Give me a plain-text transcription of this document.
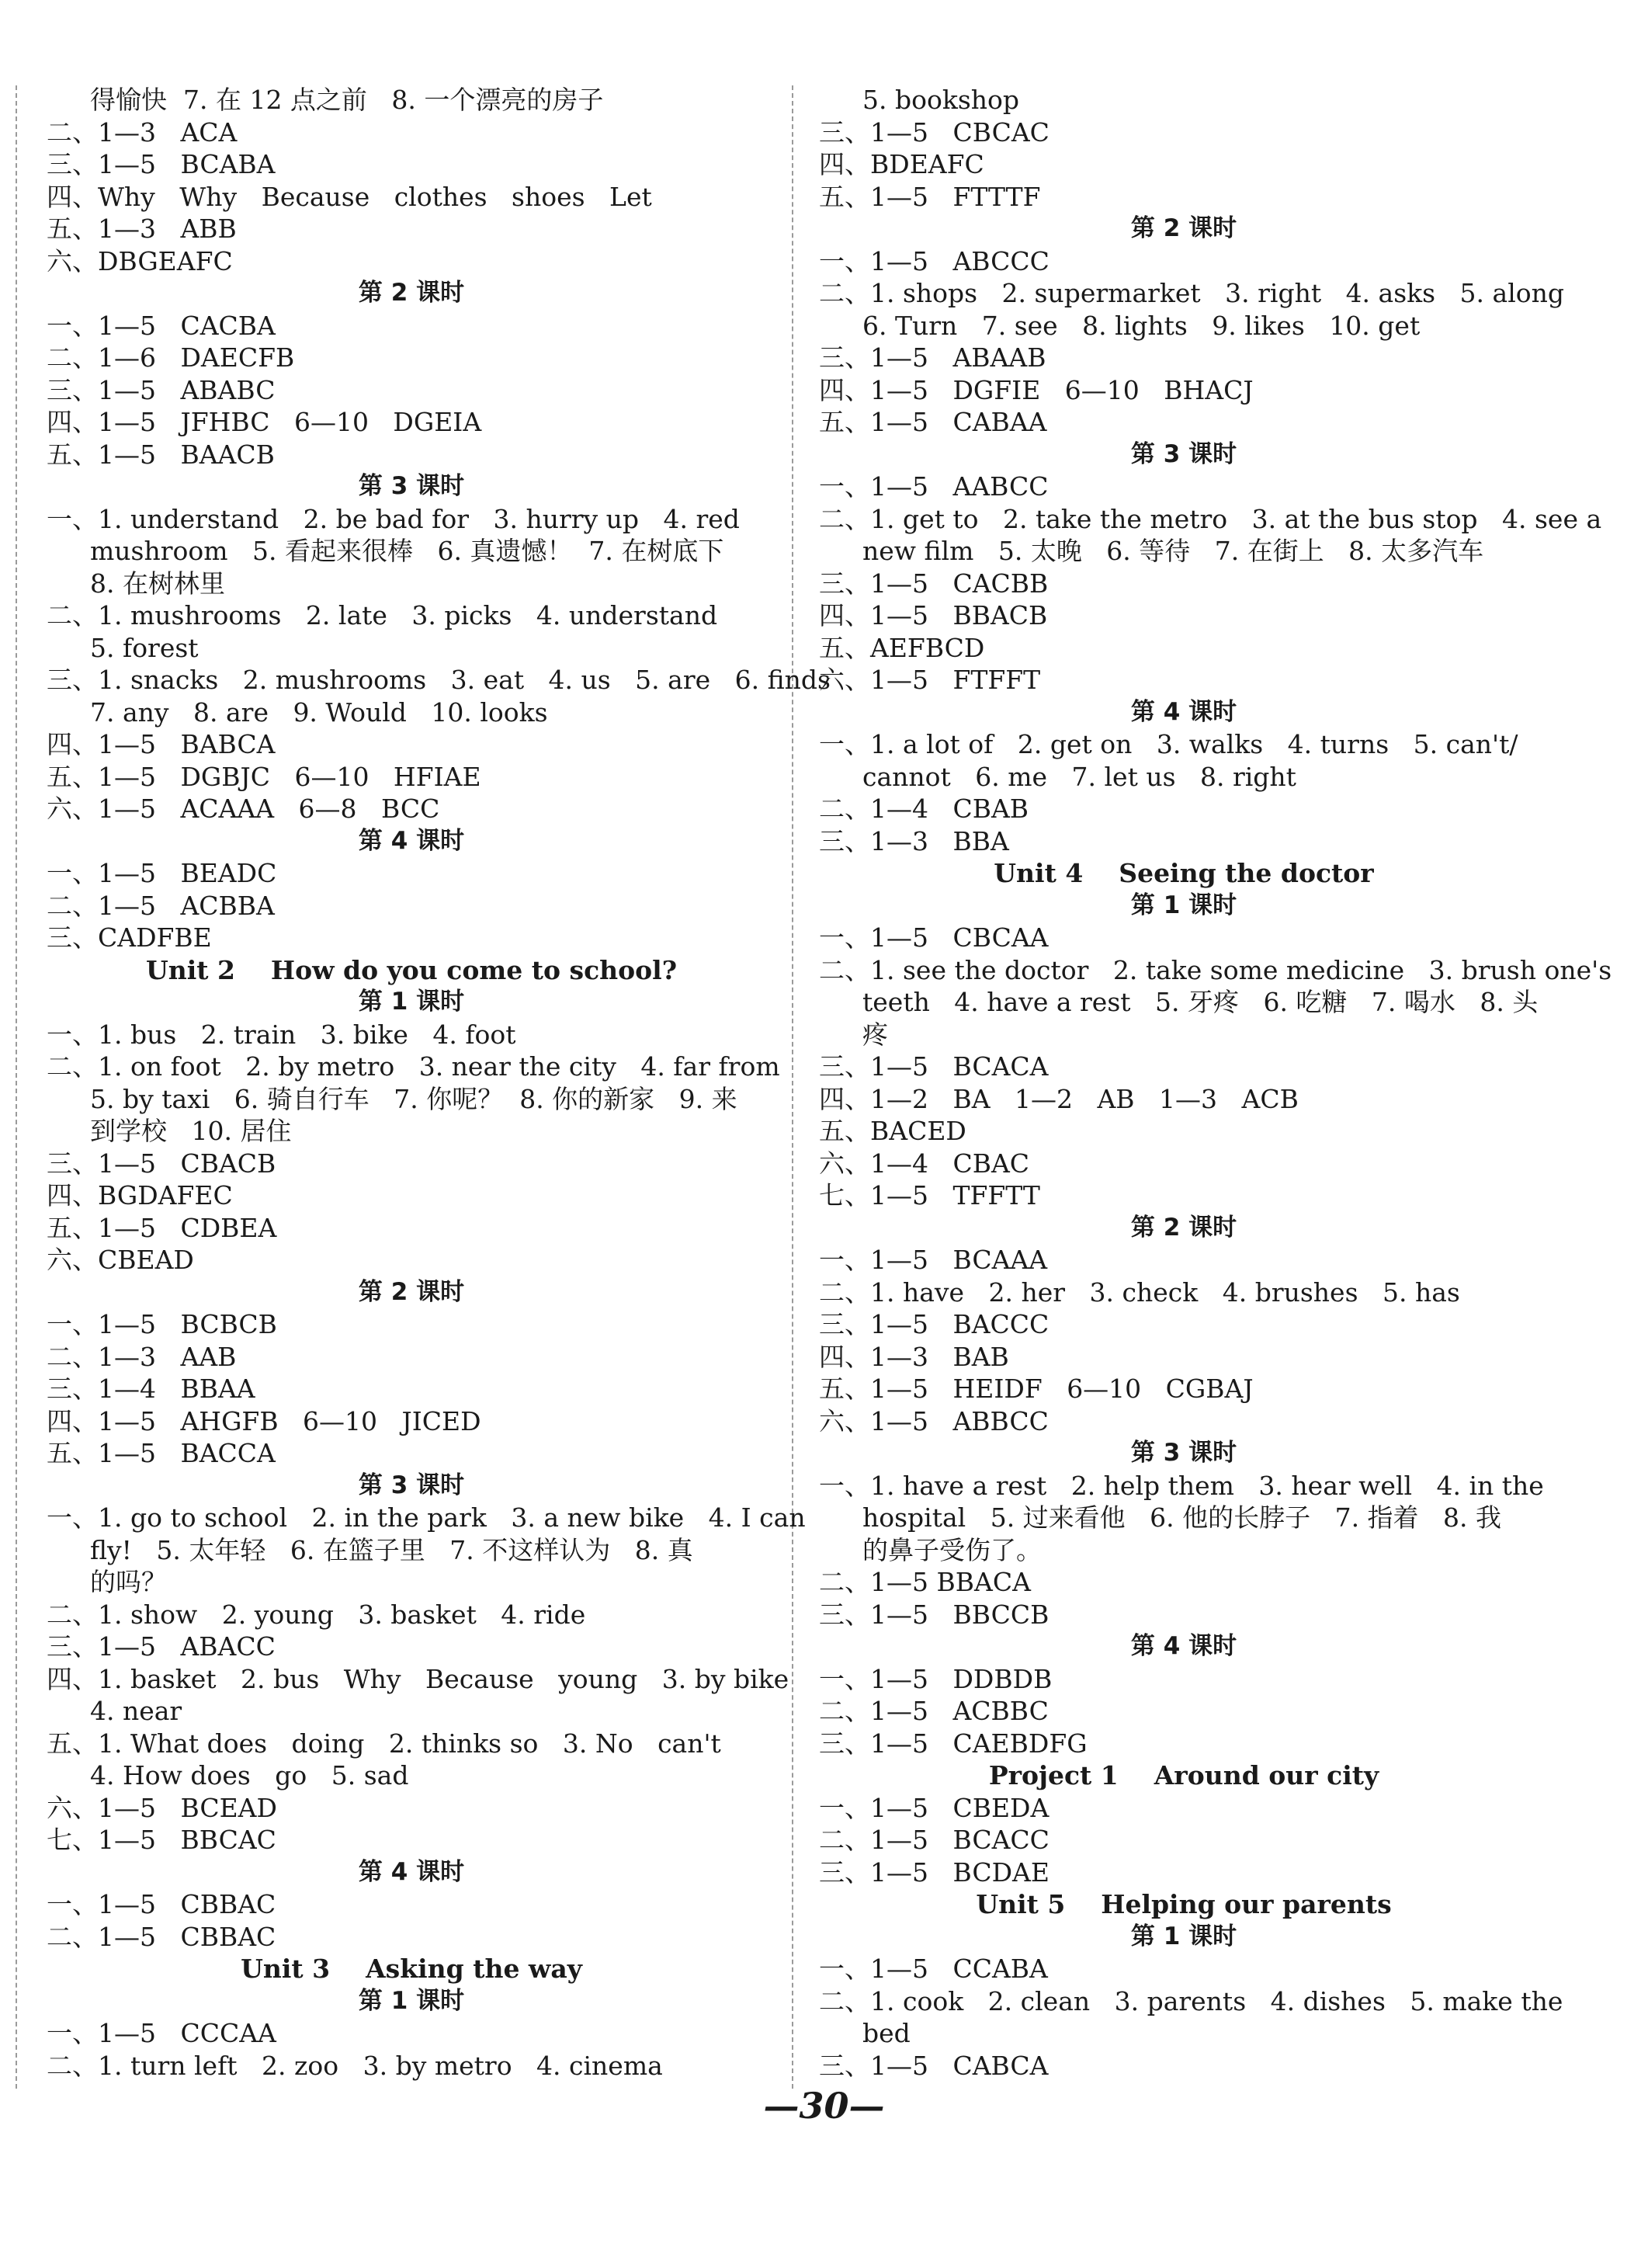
得愉快  7. 在 12 点之前   8. 一个漂亮的房子
二、1—3   ACA
三、1—5   BCABA
四、Why   Why   Because   clothes   shoes   Let
五、1—3   ABB
六、DBGEAFC
第 2 课时
一、1—5   CACBA
二、1—6   DAECFB
三、1—5   ABABC
四、1—5   JFHBC   6—10   DGEIA
五、1—5   BAACB
第 3 课时
一、1. understand   2. be bad for   3. hurry up   4. red
mushroom   5. 看起来很棒   6. 真遗憾！  7. 在树底下
8. 在树林里
二、1. mushrooms   2. late   3. picks   4. understand
5. forest
三、1. snacks   2. mushrooms   3. eat   4. us   5. are   6. finds
7. any   8. are   9. Would   10. looks
四、1—5   BABCA
五、1—5   DGBJC   6—10   HFIAE
六、1—5   ACAAA   6—8   BCC
第 4 课时
一、1—5   BEADC
二、1—5   ACBBA
三、CADFBE
Unit 2    How do you come to school?
第 1 课时
一、1. bus   2. train   3. bike   4. foot
二、1. on foot   2. by metro   3. near the city   4. far from
5. by taxi   6. 骑自行车   7. 你呢？  8. 你的新家   9. 来
到学校   10. 居住
三、1—5   CBACB
四、BGDAFEC
五、1—5   CDBEA
六、CBEAD
第 2 课时
一、1—5   BCBCB
二、1—3   AAB
三、1—4   BBAA
四、1—5   AHGFB   6—10   JICED
五、1—5   BACCA
第 3 课时
一、1. go to school   2. in the park   3. a new bike   4. I can
fly!   5. 太年轻   6. 在篮子里   7. 不这样认为   8. 真
的吗？
二、1. show   2. young   3. basket   4. ride
三、1—5   ABACC
四、1. basket   2. bus   Why   Because   young   3. by bike
4. near
五、1. What does   doing   2. thinks so   3. No   can't
4. How does   go   5. sad
六、1—5   BCEAD
七、1—5   BBCAC
第 4 课时
一、1—5   CBBAC
二、1—5   CBBAC
Unit 3    Asking the way
第 1 课时
一、1—5   CCCAA
二、1. turn left   2. zoo   3. by metro   4. cinema
5. bookshop
三、1—5   CBCAC
四、BDEAFC
五、1—5   FTTTF
第 2 课时
一、1—5   ABCCC
二、1. shops   2. supermarket   3. right   4. asks   5. along
6. Turn   7. see   8. lights   9. likes   10. get
三、1—5   ABAAB
四、1—5   DGFIE   6—10   BHACJ
五、1—5   CABAA
第 3 课时
一、1—5   AABCC
二、1. get to   2. take the metro   3. at the bus stop   4. see a
new film   5. 太晚   6. 等待   7. 在街上   8. 太多汽车
三、1—5   CACBB
四、1—5   BBACB
五、AEFBCD
六、1—5   FTFFT
第 4 课时
一、1. a lot of   2. get on   3. walks   4. turns   5. can't/
cannot   6. me   7. let us   8. right
二、1—4   CBAB
三、1—3   BBA
Unit 4    Seeing the doctor
第 1 课时
一、1—5   CBCAA
二、1. see the doctor   2. take some medicine   3. brush one's
teeth   4. have a rest   5. 牙疼   6. 吃糖   7. 喝水   8. 头
疼
三、1—5   BCACA
四、1—2   BA   1—2   AB   1—3   ACB
五、BACED
六、1—4   CBAC
七、1—5   TFFTT
第 2 课时
一、1—5   BCAAA
二、1. have   2. her   3. check   4. brushes   5. has
三、1—5   BACCC
四、1—3   BAB
五、1—5   HEIDF   6—10   CGBAJ
六、1—5   ABBCC
第 3 课时
一、1. have a rest   2. help them   3. hear well   4. in the
hospital   5. 过来看他   6. 他的长脖子   7. 指着   8. 我
的鼻子受伤了。
二、1—5 BBACA
三、1—5   BBCCB
第 4 课时
一、1—5   DDBDB
二、1—5   ACBBC
三、1—5   CAEBDFG
Project 1    Around our city
一、1—5   CBEDA
二、1—5   BCACC
三、1—5   BCDAE
Unit 5    Helping our parents
第 1 课时
一、1—5   CCABA
二、1. cook   2. clean   3. parents   4. dishes   5. make the
bed
三、1—5   CABCA
—30—
